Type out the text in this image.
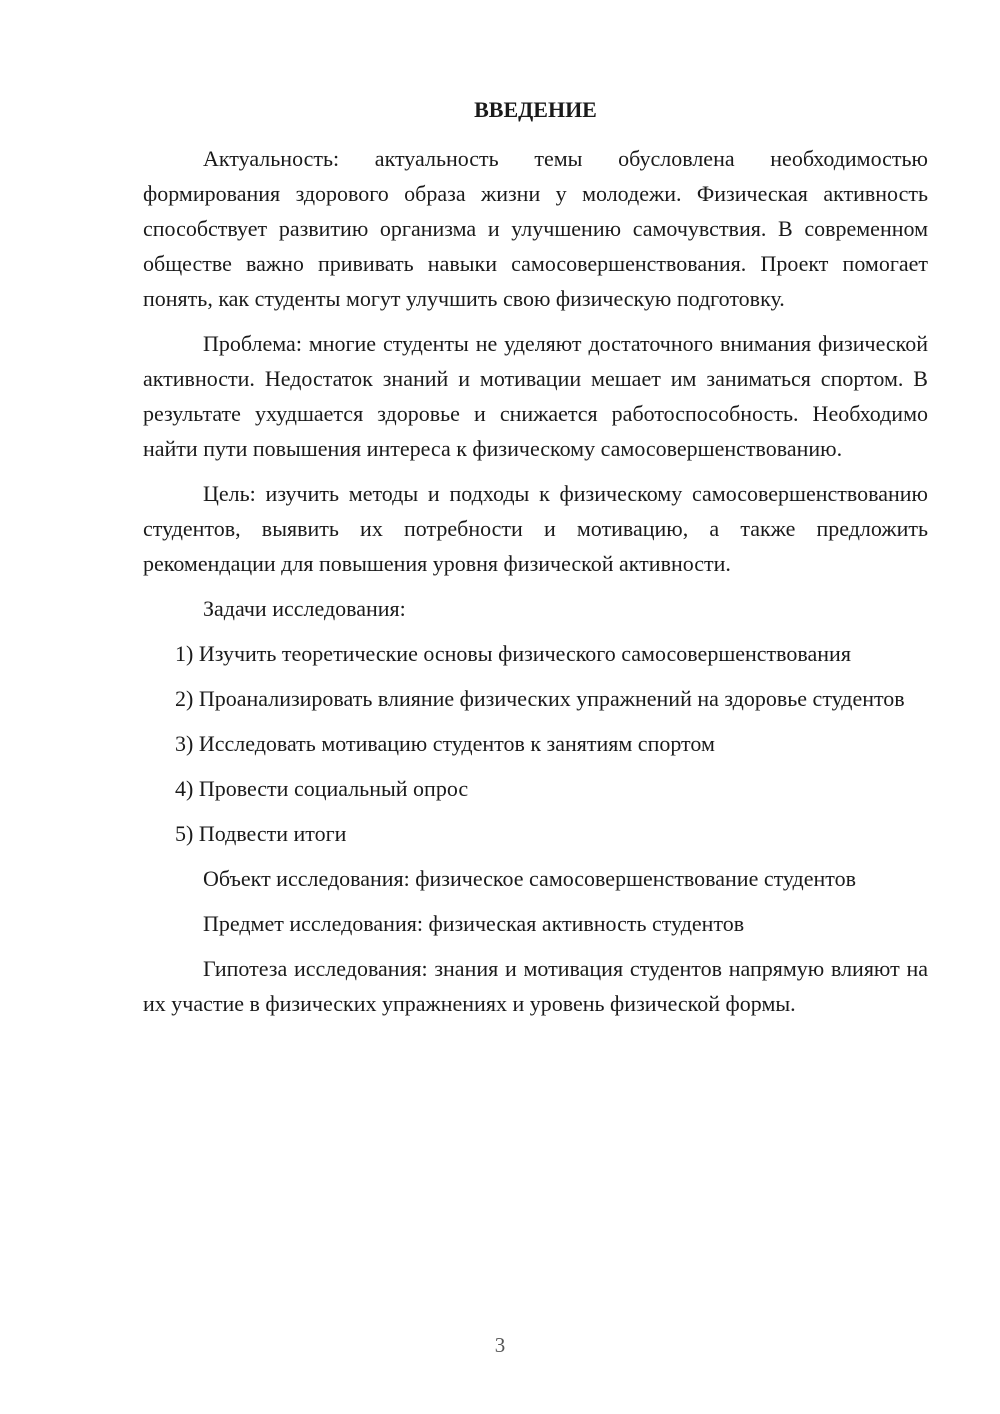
ВВЕДЕНИЕ

Актуальность: актуальность темы обусловлена необходимостью формирования здорового образа жизни у молодежи. Физическая активность способствует развитию организма и улучшению самочувствия. В современном обществе важно прививать навыки самосовершенствования. Проект помогает понять, как студенты могут улучшить свою физическую подготовку.

Проблема: многие студенты не уделяют достаточного внимания физической активности. Недостаток знаний и мотивации мешает им заниматься спортом. В результате ухудшается здоровье и снижается работоспособность. Необходимо найти пути повышения интереса к физическому самосовершенствованию.

Цель: изучить методы и подходы к физическому самосовершенствованию студентов, выявить их потребности и мотивацию, а также предложить рекомендации для повышения уровня физической активности.

Задачи исследования:

1) Изучить теоретические основы физического самосовершенствования

2) Проанализировать влияние физических упражнений на здоровье студентов

3) Исследовать мотивацию студентов к занятиям спортом

4) Провести социальный опрос

5) Подвести итоги

Объект исследования: физическое самосовершенствование студентов

Предмет исследования: физическая активность студентов

Гипотеза исследования: знания и мотивация студентов напрямую влияют на их участие в физических упражнениях и уровень физической формы.

3
